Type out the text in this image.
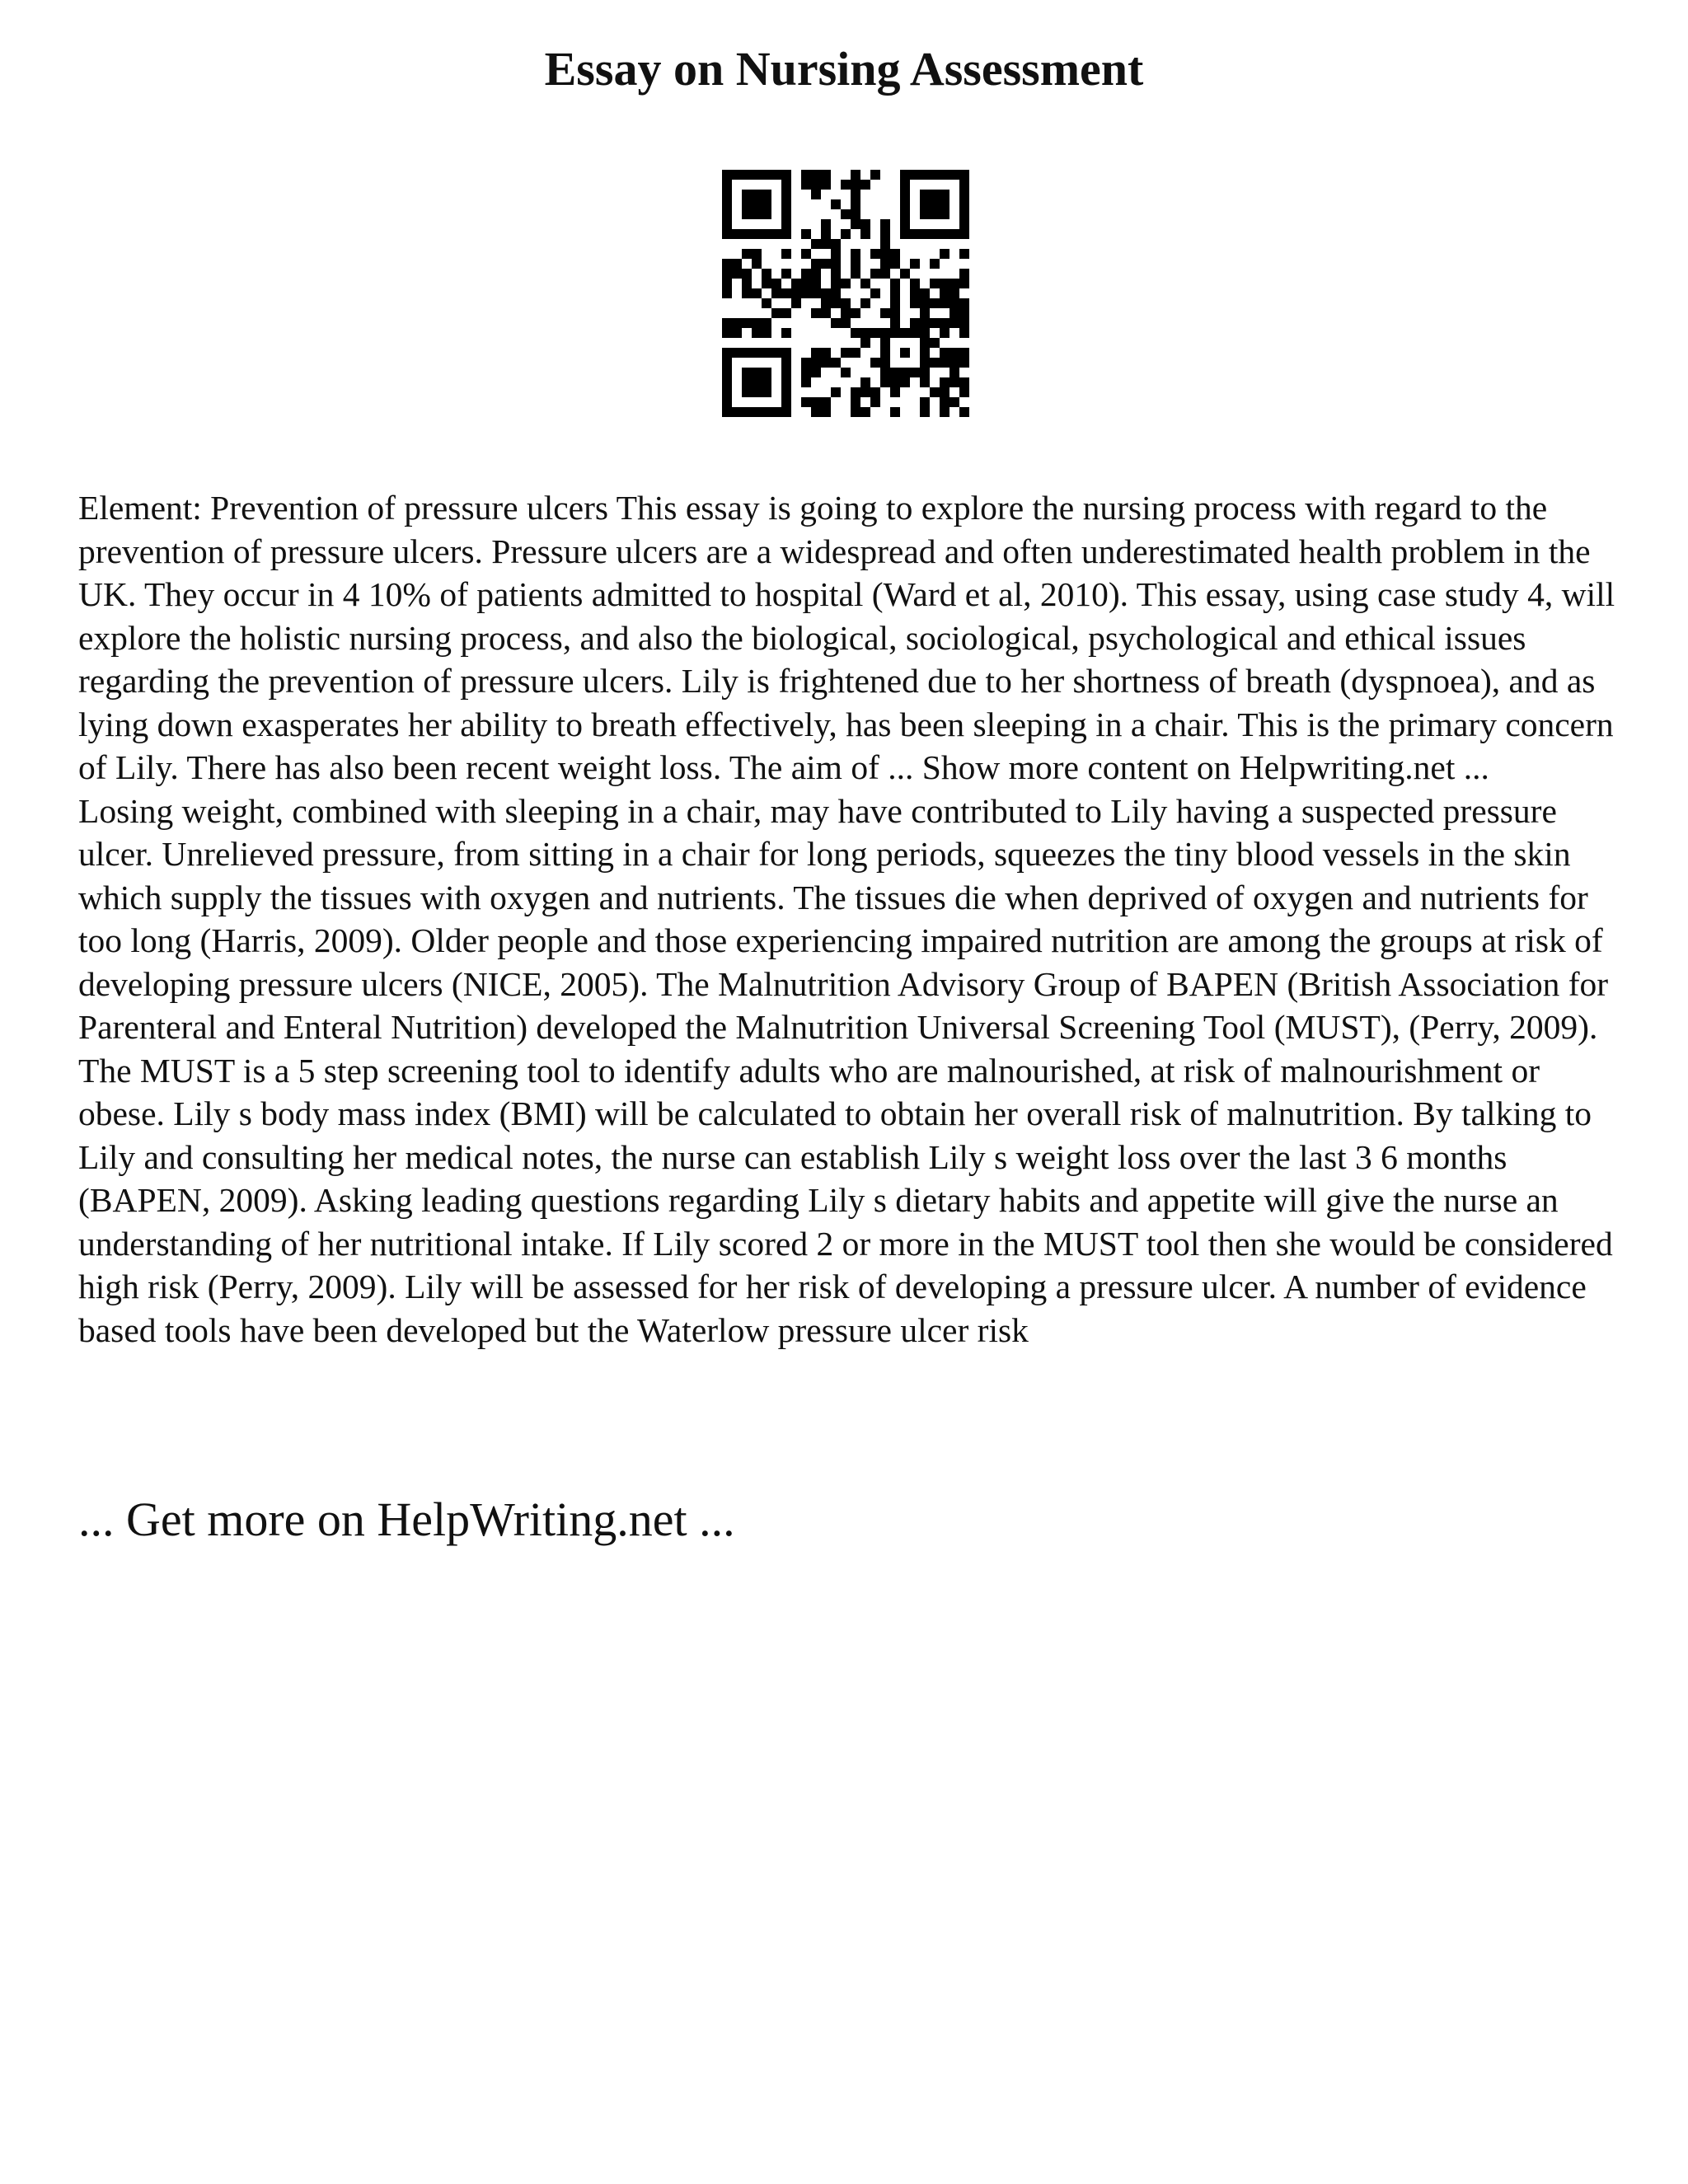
Essay on Nursing Assessment

Element: Prevention of pressure ulcers This essay is going to explore the nursing process with regard to the prevention of pressure ulcers. Pressure ulcers are a widespread and often underestimated health problem in the UK. They occur in 4 10% of patients admitted to hospital (Ward et al, 2010). This essay, using case study 4, will explore the holistic nursing process, and also the biological, sociological, psychological and ethical issues regarding the prevention of pressure ulcers. Lily is frightened due to her shortness of breath (dyspnoea), and as lying down exasperates her ability to breath effectively, has been sleeping in a chair. This is the primary concern of Lily. There has also been recent weight loss. The aim of ... Show more content on Helpwriting.net ...

Losing weight, combined with sleeping in a chair, may have contributed to Lily having a suspected pressure ulcer. Unrelieved pressure, from sitting in a chair for long periods, squeezes the tiny blood vessels in the skin which supply the tissues with oxygen and nutrients. The tissues die when deprived of oxygen and nutrients for too long (Harris, 2009). Older people and those experiencing impaired nutrition are among the groups at risk of developing pressure ulcers (NICE, 2005). The Malnutrition Advisory Group of BAPEN (British Association for Parenteral and Enteral Nutrition) developed the Malnutrition Universal Screening Tool (MUST), (Perry, 2009). The MUST is a 5 step screening tool to identify adults who are malnourished, at risk of malnourishment or obese. Lily s body mass index (BMI) will be calculated to obtain her overall risk of malnutrition. By talking to Lily and consulting her medical notes, the nurse can establish Lily s weight loss over the last 3 6 months (BAPEN, 2009). Asking leading questions regarding Lily s dietary habits and appetite will give the nurse an understanding of her nutritional intake. If Lily scored 2 or more in the MUST tool then she would be considered high risk (Perry, 2009). Lily will be assessed for her risk of developing a pressure ulcer. A number of evidence based tools have been developed but the Waterlow pressure ulcer risk

... Get more on HelpWriting.net ...
